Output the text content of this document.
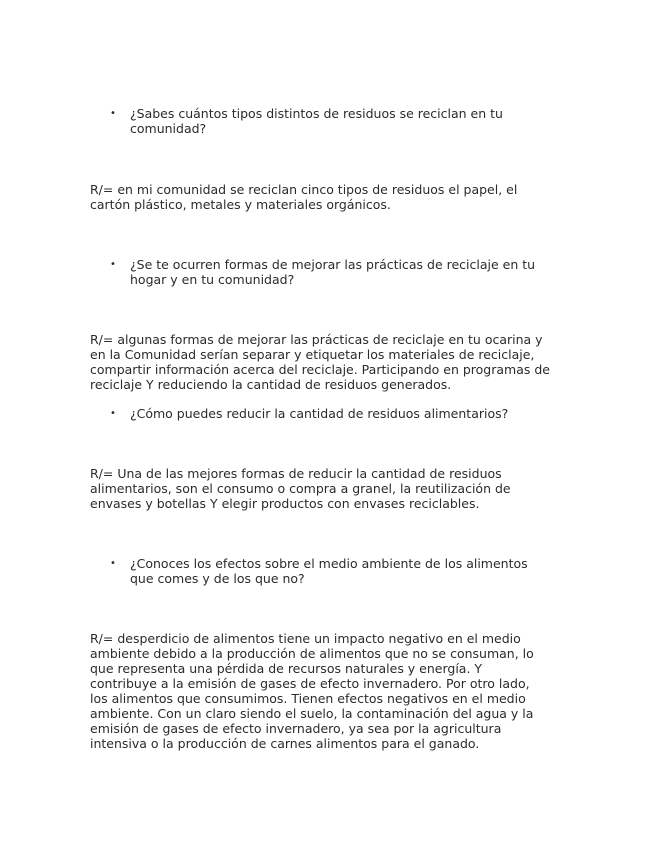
•	¿Sabes cuántos tipos distintos de residuos se reciclan en tu
comunidad?
R/= en mi comunidad se reciclan cinco tipos de residuos el papel, el
cartón plástico, metales y materiales orgánicos.
•	¿Se te ocurren formas de mejorar las prácticas de reciclaje en tu
hogar y en tu comunidad?
R/= algunas formas de mejorar las prácticas de reciclaje en tu ocarina y
en la Comunidad serían separar y etiquetar los materiales de reciclaje,
compartir información acerca del reciclaje. Participando en programas de
reciclaje Y reduciendo la cantidad de residuos generados.
•	¿Cómo puedes reducir la cantidad de residuos alimentarios?
R/= Una de las mejores formas de reducir la cantidad de residuos
alimentarios, son el consumo o compra a granel, la reutilización de
envases y botellas Y elegir productos con envases reciclables.
•	¿Conoces los efectos sobre el medio ambiente de los alimentos
que comes y de los que no?
R/= desperdicio de alimentos tiene un impacto negativo en el medio
ambiente debido a la producción de alimentos que no se consuman, lo
que representa una pérdida de recursos naturales y energía. Y
contribuye a la emisión de gases de efecto invernadero. Por otro lado,
los alimentos que consumimos. Tienen efectos negativos en el medio
ambiente. Con un claro siendo el suelo, la contaminación del agua y la
emisión de gases de efecto invernadero, ya sea por la agricultura
intensiva o la producción de carnes alimentos para el ganado.
